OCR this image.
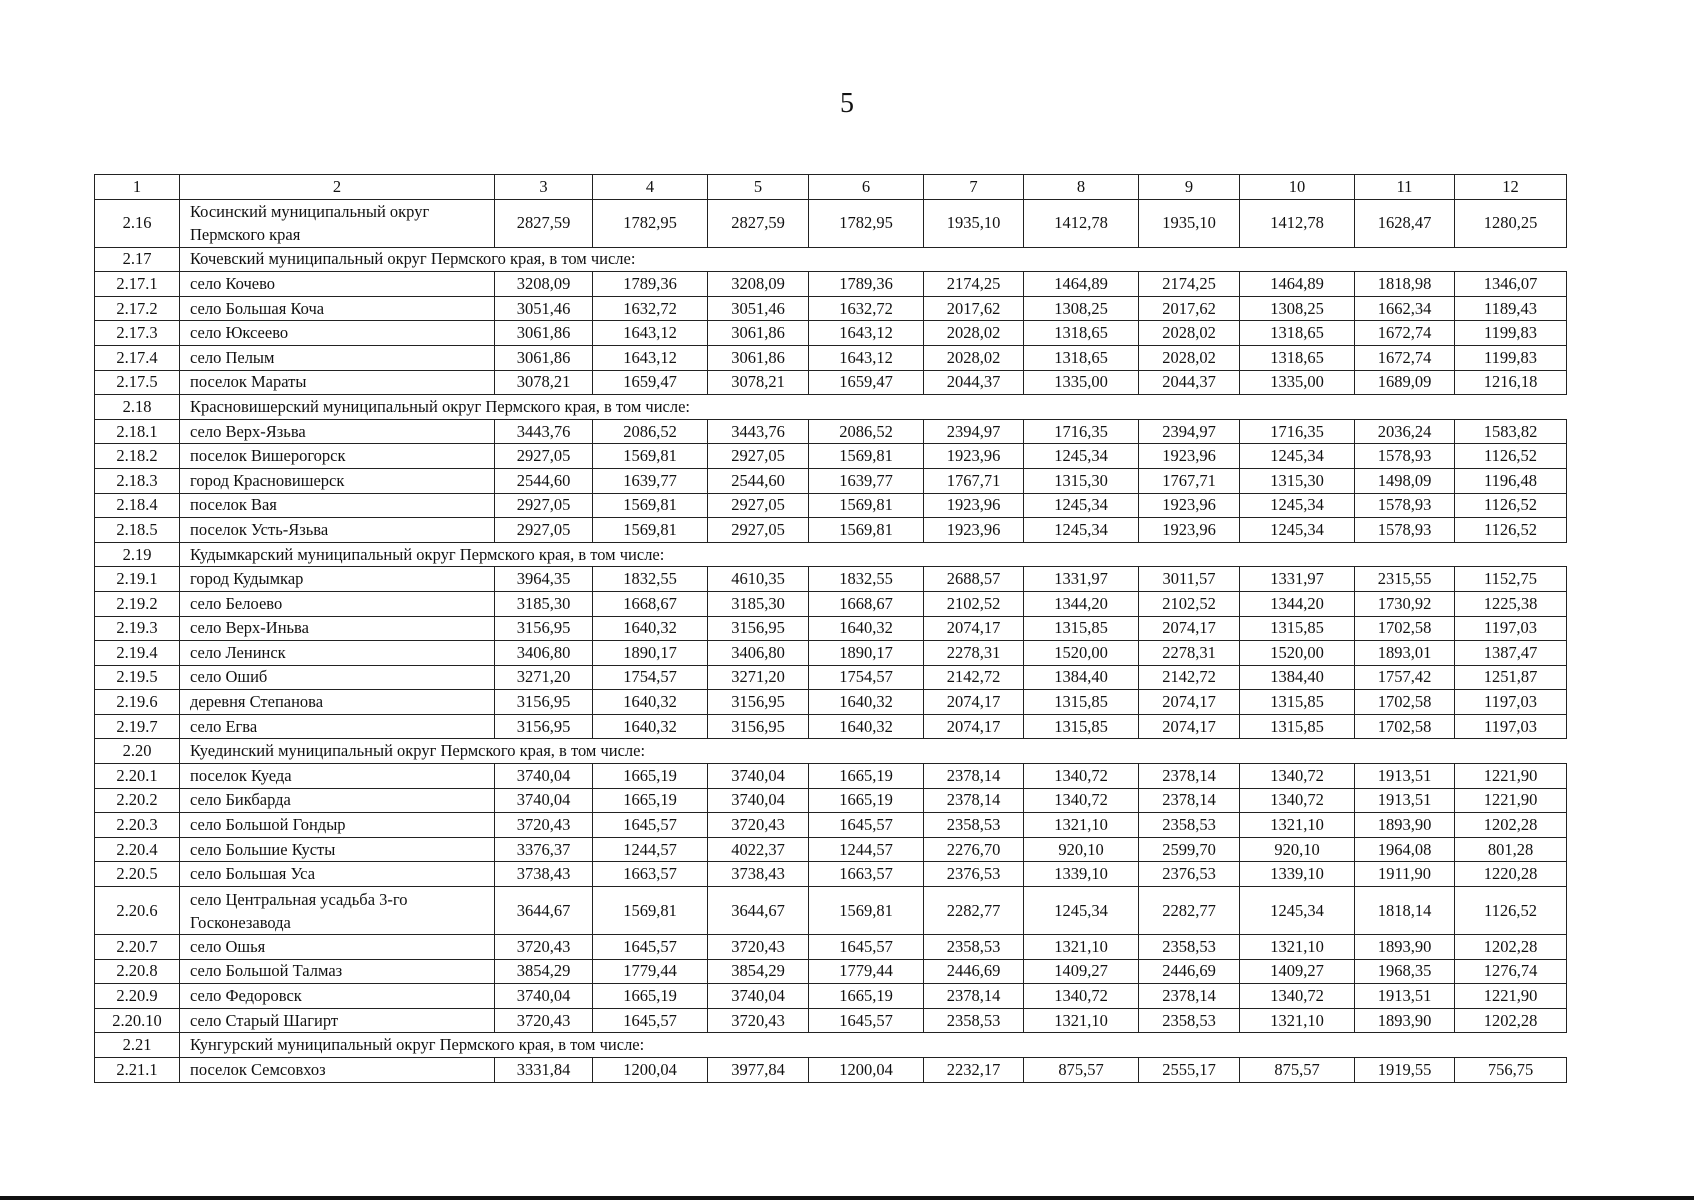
5
1	2	3	4	5	6	7	8	9	10	11	12
2.16	Косинский муниципальный округ Пермского края	2827,59	1782,95	2827,59	1782,95	1935,10	1412,78	1935,10	1412,78	1628,47	1280,25
2.17	Кочевский муниципальный округ Пермского края, в том числе:										
2.17.1	село Кочево	3208,09	1789,36	3208,09	1789,36	2174,25	1464,89	2174,25	1464,89	1818,98	1346,07
2.17.2	село Большая Коча	3051,46	1632,72	3051,46	1632,72	2017,62	1308,25	2017,62	1308,25	1662,34	1189,43
2.17.3	село Юксеево	3061,86	1643,12	3061,86	1643,12	2028,02	1318,65	2028,02	1318,65	1672,74	1199,83
2.17.4	село Пелым	3061,86	1643,12	3061,86	1643,12	2028,02	1318,65	2028,02	1318,65	1672,74	1199,83
2.17.5	поселок Мараты	3078,21	1659,47	3078,21	1659,47	2044,37	1335,00	2044,37	1335,00	1689,09	1216,18
2.18	Красновишерский муниципальный округ Пермского края, в том числе:										
2.18.1	село Верх-Язьва	3443,76	2086,52	3443,76	2086,52	2394,97	1716,35	2394,97	1716,35	2036,24	1583,82
2.18.2	поселок Вишерогорск	2927,05	1569,81	2927,05	1569,81	1923,96	1245,34	1923,96	1245,34	1578,93	1126,52
2.18.3	город Красновишерск	2544,60	1639,77	2544,60	1639,77	1767,71	1315,30	1767,71	1315,30	1498,09	1196,48
2.18.4	поселок Вая	2927,05	1569,81	2927,05	1569,81	1923,96	1245,34	1923,96	1245,34	1578,93	1126,52
2.18.5	поселок Усть-Язьва	2927,05	1569,81	2927,05	1569,81	1923,96	1245,34	1923,96	1245,34	1578,93	1126,52
2.19	Кудымкарский муниципальный округ Пермского края, в том числе:										
2.19.1	город Кудымкар	3964,35	1832,55	4610,35	1832,55	2688,57	1331,97	3011,57	1331,97	2315,55	1152,75
2.19.2	село Белоево	3185,30	1668,67	3185,30	1668,67	2102,52	1344,20	2102,52	1344,20	1730,92	1225,38
2.19.3	село Верх-Иньва	3156,95	1640,32	3156,95	1640,32	2074,17	1315,85	2074,17	1315,85	1702,58	1197,03
2.19.4	село Ленинск	3406,80	1890,17	3406,80	1890,17	2278,31	1520,00	2278,31	1520,00	1893,01	1387,47
2.19.5	село Ошиб	3271,20	1754,57	3271,20	1754,57	2142,72	1384,40	2142,72	1384,40	1757,42	1251,87
2.19.6	деревня Степанова	3156,95	1640,32	3156,95	1640,32	2074,17	1315,85	2074,17	1315,85	1702,58	1197,03
2.19.7	село Егва	3156,95	1640,32	3156,95	1640,32	2074,17	1315,85	2074,17	1315,85	1702,58	1197,03
2.20	Куединский муниципальный округ Пермского края, в том числе:										
2.20.1	поселок Куеда	3740,04	1665,19	3740,04	1665,19	2378,14	1340,72	2378,14	1340,72	1913,51	1221,90
2.20.2	село Бикбарда	3740,04	1665,19	3740,04	1665,19	2378,14	1340,72	2378,14	1340,72	1913,51	1221,90
2.20.3	село Большой Гондыр	3720,43	1645,57	3720,43	1645,57	2358,53	1321,10	2358,53	1321,10	1893,90	1202,28
2.20.4	село Большие Кусты	3376,37	1244,57	4022,37	1244,57	2276,70	920,10	2599,70	920,10	1964,08	801,28
2.20.5	село Большая Уса	3738,43	1663,57	3738,43	1663,57	2376,53	1339,10	2376,53	1339,10	1911,90	1220,28
2.20.6	село Центральная усадьба 3-го Госконезавода	3644,67	1569,81	3644,67	1569,81	2282,77	1245,34	2282,77	1245,34	1818,14	1126,52
2.20.7	село Ошья	3720,43	1645,57	3720,43	1645,57	2358,53	1321,10	2358,53	1321,10	1893,90	1202,28
2.20.8	село Большой Талмаз	3854,29	1779,44	3854,29	1779,44	2446,69	1409,27	2446,69	1409,27	1968,35	1276,74
2.20.9	село Федоровск	3740,04	1665,19	3740,04	1665,19	2378,14	1340,72	2378,14	1340,72	1913,51	1221,90
2.20.10	село Старый Шагирт	3720,43	1645,57	3720,43	1645,57	2358,53	1321,10	2358,53	1321,10	1893,90	1202,28
2.21	Кунгурский муниципальный округ Пермского края, в том числе:										
2.21.1	поселок Семсовхоз	3331,84	1200,04	3977,84	1200,04	2232,17	875,57	2555,17	875,57	1919,55	756,75
